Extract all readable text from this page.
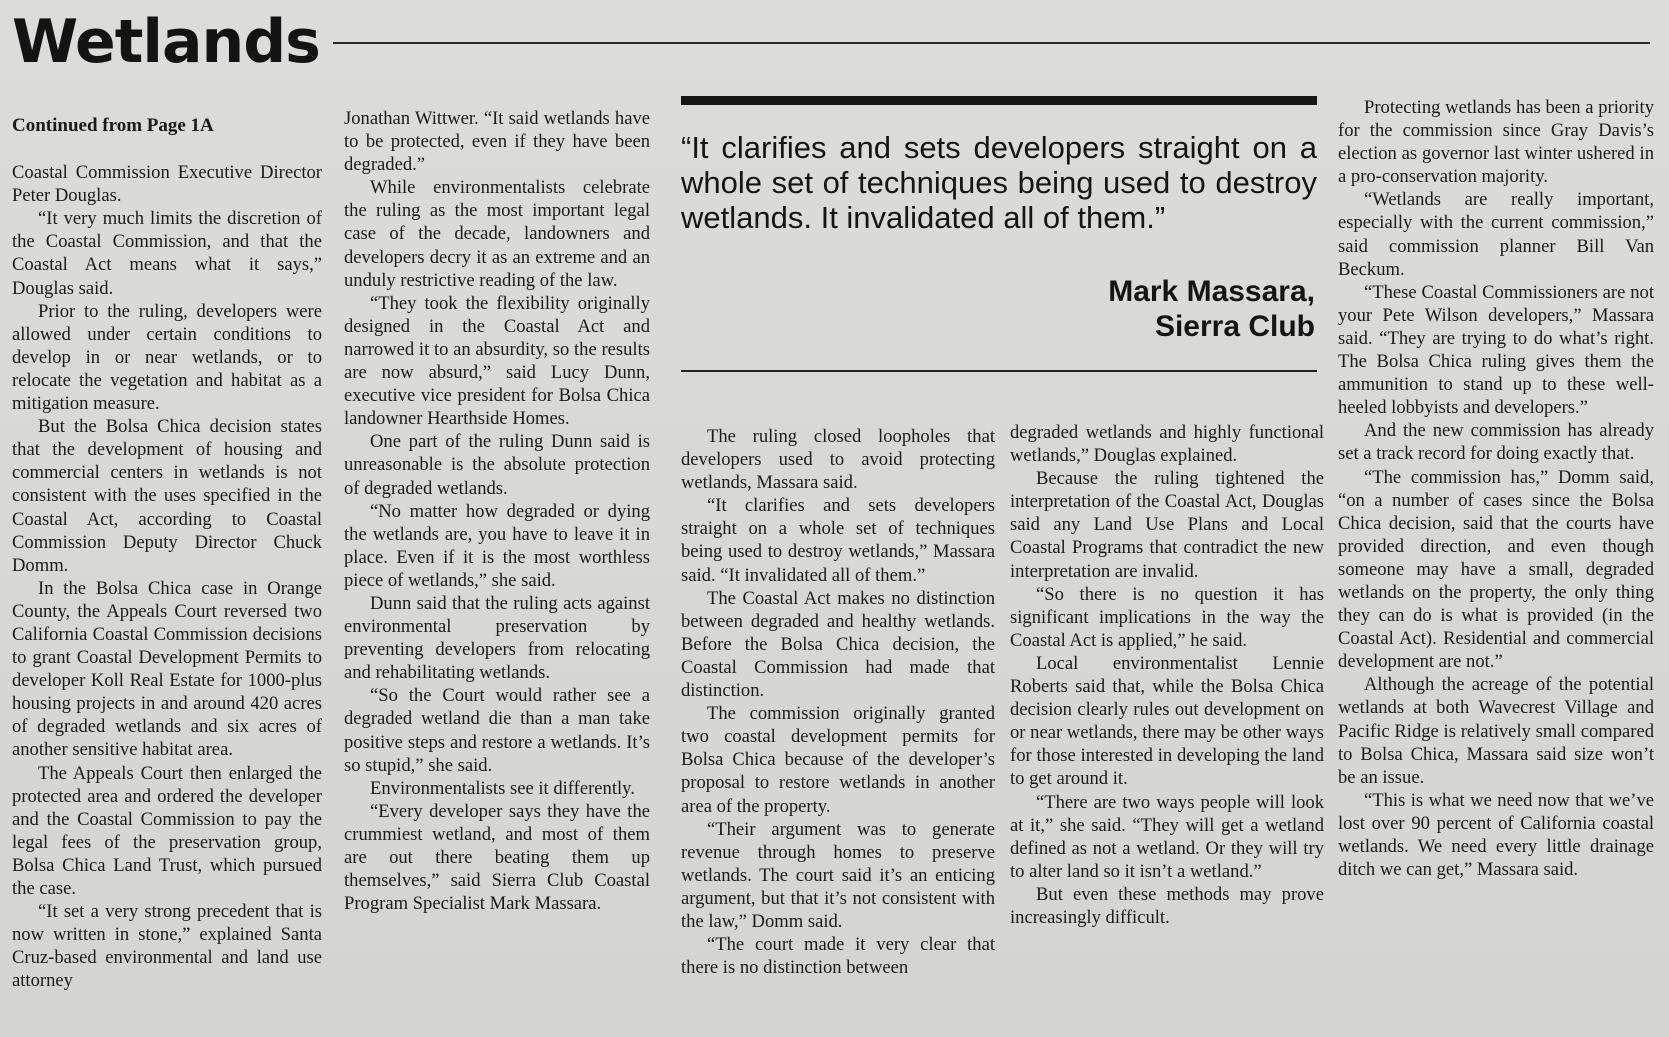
Wetlands

Continued from Page 1A

Coastal Commission Executive Director Peter Douglas.

“It very much limits the discretion of the Coastal Commission, and that the Coastal Act means what it says,” Douglas said.

Prior to the ruling, developers were allowed under certain conditions to develop in or near wetlands, or to relocate the vegetation and habitat as a mitigation measure.

But the Bolsa Chica decision states that the development of housing and commercial centers in wetlands is not consistent with the uses specified in the Coastal Act, according to Coastal Commission Deputy Director Chuck Domm.

In the Bolsa Chica case in Orange County, the Appeals Court reversed two California Coastal Commission decisions to grant Coastal Development Permits to developer Koll Real Estate for 1000-plus housing projects in and around 420 acres of degraded wetlands and six acres of another sensitive habitat area.

The Appeals Court then enlarged the protected area and ordered the developer and the Coastal Commission to pay the legal fees of the preservation group, Bolsa Chica Land Trust, which pursued the case.

“It set a very strong precedent that is now written in stone,” explained Santa Cruz-based environmental and land use attorney

Jonathan Wittwer. “It said wetlands have to be protected, even if they have been degraded.”

While environmentalists celebrate the ruling as the most important legal case of the decade, landowners and developers decry it as an extreme and an unduly restrictive reading of the law.

“They took the flexibility originally designed in the Coastal Act and narrowed it to an absurdity, so the results are now absurd,” said Lucy Dunn, executive vice president for Bolsa Chica landowner Hearthside Homes.

One part of the ruling Dunn said is unreasonable is the absolute protection of degraded wetlands.

“No matter how degraded or dying the wetlands are, you have to leave it in place. Even if it is the most worthless piece of wetlands,” she said.

Dunn said that the ruling acts against environmental preservation by preventing developers from relocating and rehabilitating wetlands.

“So the Court would rather see a degraded wetland die than a man take positive steps and restore a wetlands. It’s so stupid,” she said.

Environmentalists see it differently.

“Every developer says they have the crummiest wetland, and most of them are out there beating them up themselves,” said Sierra Club Coastal Program Specialist Mark Massara.

“It clarifies and sets developers straight on a whole set of techniques being used to destroy wetlands. It invalidated all of them.”

Mark Massara,
Sierra Club

The ruling closed loopholes that developers used to avoid protecting wetlands, Massara said.

“It clarifies and sets developers straight on a whole set of techniques being used to destroy wetlands,” Massara said. “It invalidated all of them.”

The Coastal Act makes no distinction between degraded and healthy wetlands. Before the Bolsa Chica decision, the Coastal Commission had made that distinction.

The commission originally granted two coastal development permits for Bolsa Chica because of the developer’s proposal to restore wetlands in another area of the property.

“Their argument was to generate revenue through homes to preserve wetlands. The court said it’s an enticing argument, but that it’s not consistent with the law,” Domm said.

“The court made it very clear that there is no distinction between

degraded wetlands and highly functional wetlands,” Douglas explained.

Because the ruling tightened the interpretation of the Coastal Act, Douglas said any Land Use Plans and Local Coastal Programs that contradict the new interpretation are invalid.

“So there is no question it has significant implications in the way the Coastal Act is applied,” he said.

Local environmentalist Lennie Roberts said that, while the Bolsa Chica decision clearly rules out development on or near wetlands, there may be other ways for those interested in developing the land to get around it.

“There are two ways people will look at it,” she said. “They will get a wetland defined as not a wetland. Or they will try to alter land so it isn’t a wetland.”

But even these methods may prove increasingly difficult.

Protecting wetlands has been a priority for the commission since Gray Davis’s election as governor last winter ushered in a pro-conservation majority.

“Wetlands are really important, especially with the current commission,” said commission planner Bill Van Beckum.

“These Coastal Commissioners are not your Pete Wilson developers,” Massara said. “They are trying to do what’s right. The Bolsa Chica ruling gives them the ammunition to stand up to these well-heeled lobbyists and developers.”

And the new commission has already set a track record for doing exactly that.

“The commission has,” Domm said, “on a number of cases since the Bolsa Chica decision, said that the courts have provided direction, and even though someone may have a small, degraded wetlands on the property, the only thing they can do is what is provided (in the Coastal Act). Residential and commercial development are not.”

Although the acreage of the potential wetlands at both Wavecrest Village and Pacific Ridge is relatively small compared to Bolsa Chica, Massara said size won’t be an issue.

“This is what we need now that we’ve lost over 90 percent of California coastal wetlands. We need every little drainage ditch we can get,” Massara said.
